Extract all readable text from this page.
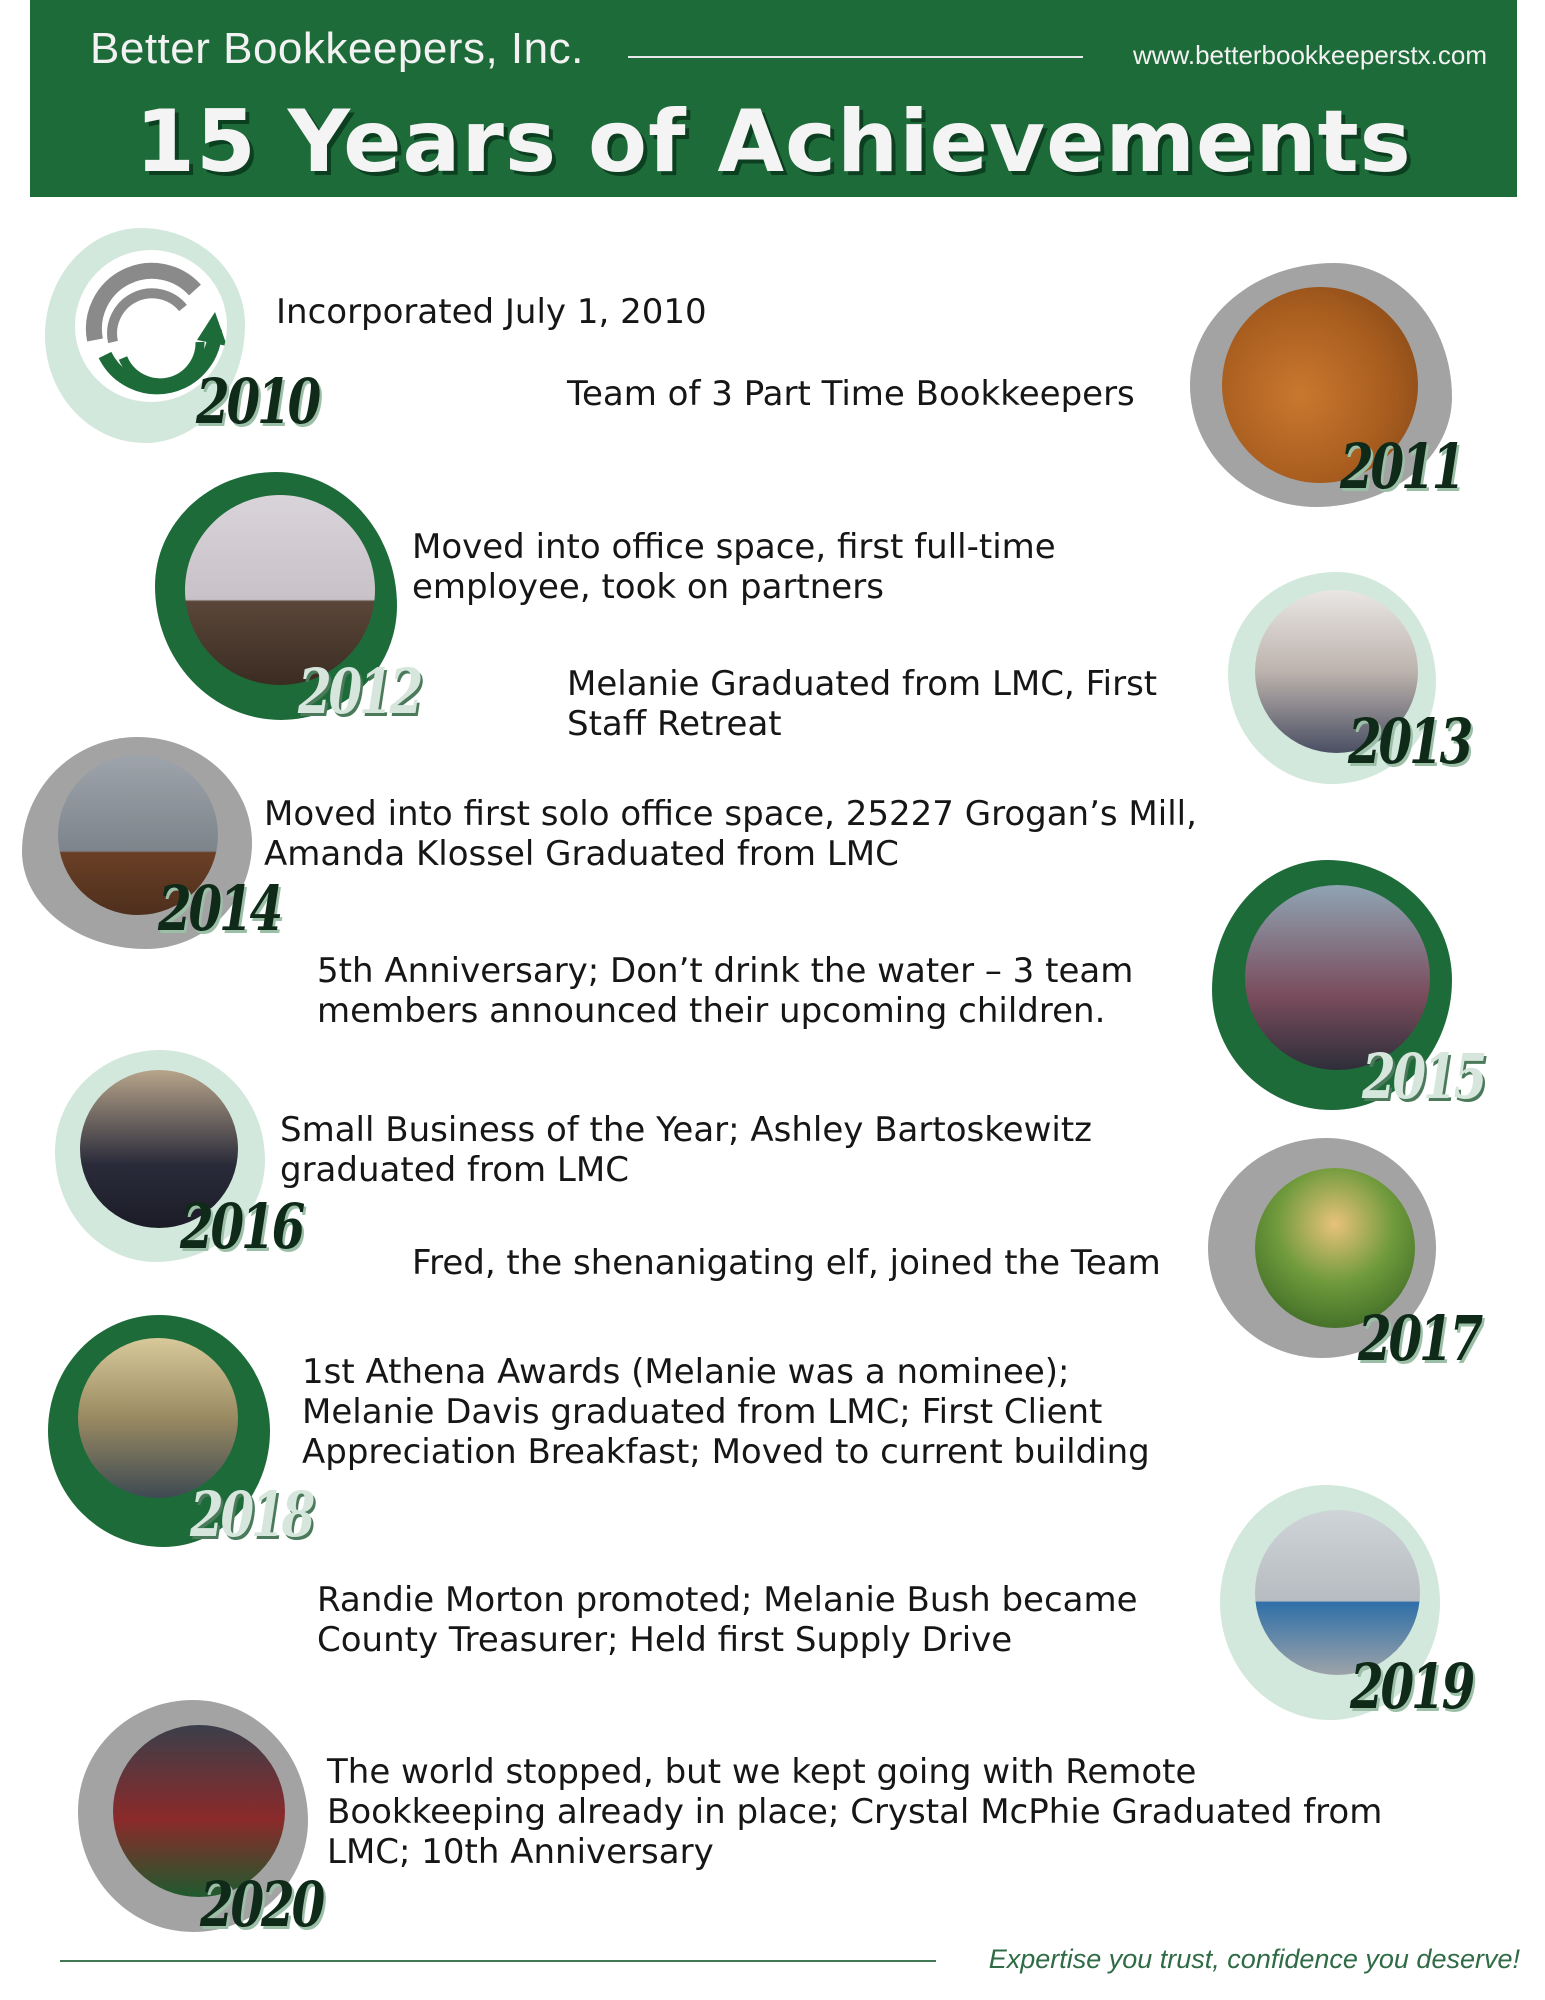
Better Bookkeepers, Inc.	www.betterbookkeeperstx.com
15 Years of Achievements
2010
Incorporated July 1, 2010
2011
Team of 3 Part Time Bookkeepers
2012
Moved into office space, first full-time
employee, took on partners
2013
Melanie Graduated from LMC, First
Staff Retreat
2014
Moved into first solo office space, 25227 Grogan’s Mill,
Amanda Klossel Graduated from LMC
2015
5th Anniversary; Don’t drink the water – 3 team
members announced their upcoming children.
2016
Small Business of the Year; Ashley Bartoskewitz
graduated from LMC
2017
Fred, the shenanigating elf, joined the Team
2018
1st Athena Awards (Melanie was a nominee);
Melanie Davis graduated from LMC; First Client
Appreciation Breakfast; Moved to current building
2019
Randie Morton promoted; Melanie Bush became
County Treasurer; Held first Supply Drive
2020
The world stopped, but we kept going with Remote
Bookkeeping already in place; Crystal McPhie Graduated from
LMC; 10th Anniversary
Expertise you trust, confidence you deserve!
